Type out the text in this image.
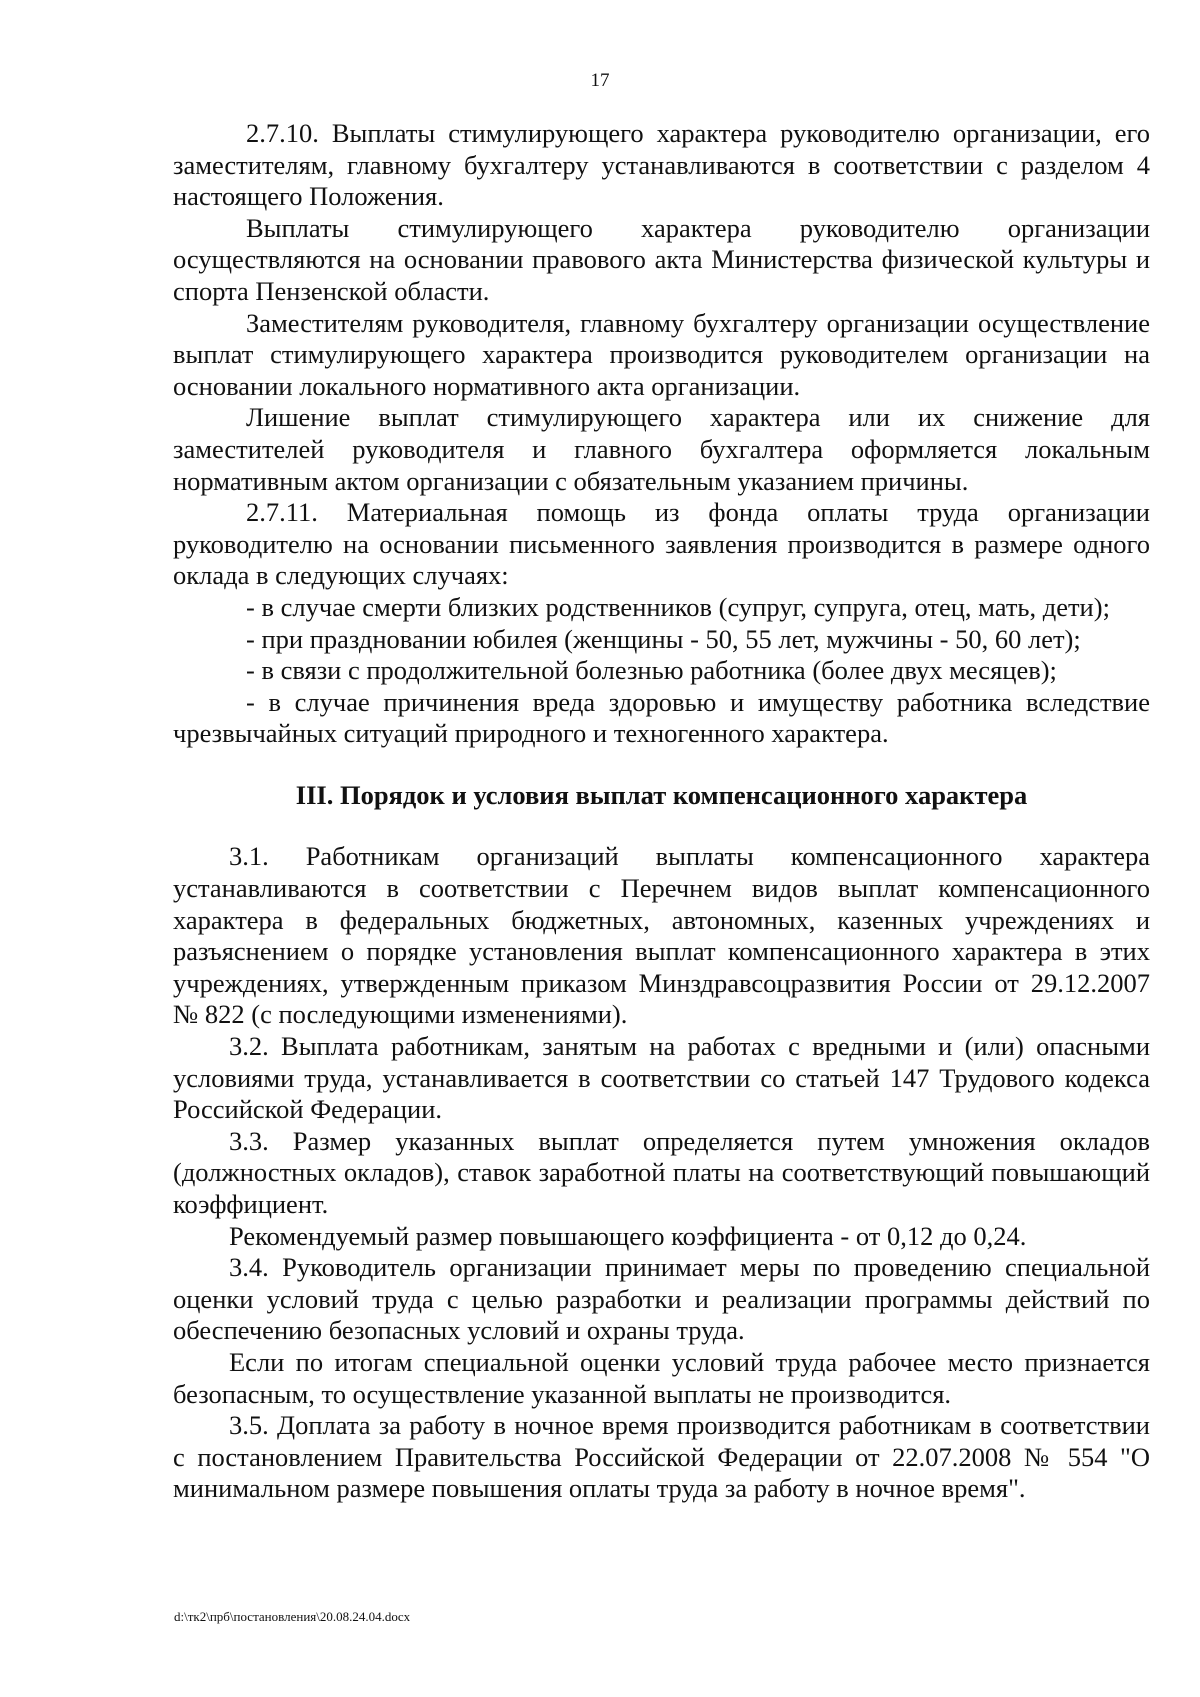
17

2.7.10. Выплаты стимулирующего характера руководителю организации, его заместителям, главному бухгалтеру устанавливаются в соответствии с разделом 4 настоящего Положения.

Выплаты стимулирующего характера руководителю организации осуществляются на основании правового акта Министерства физической культуры и спорта Пензенской области.

Заместителям руководителя, главному бухгалтеру организации осуществление выплат стимулирующего характера производится руководителем организации на основании локального нормативного акта организации.

Лишение выплат стимулирующего характера или их снижение для заместителей руководителя и главного бухгалтера оформляется локальным нормативным актом организации с обязательным указанием причины.

2.7.11. Материальная помощь из фонда оплаты труда организации руководителю на основании письменного заявления производится в размере одного оклада в следующих случаях:

- в случае смерти близких родственников (супруг, супруга, отец, мать, дети);

- при праздновании юбилея (женщины - 50, 55 лет, мужчины - 50, 60 лет);

- в связи с продолжительной болезнью работника (более двух месяцев);

- в случае причинения вреда здоровью и имуществу работника вследствие чрезвычайных ситуаций природного и техногенного характера.

III. Порядок и условия выплат компенсационного характера

3.1. Работникам организаций выплаты компенсационного характера устанавливаются в соответствии с Перечнем видов выплат компенсационного характера в федеральных бюджетных, автономных, казенных учреждениях и разъяснением о порядке установления выплат компенсационного характера в этих учреждениях, утвержденным приказом Минздравсоцразвития России от 29.12.2007 № 822 (с последующими изменениями).

3.2. Выплата работникам, занятым на работах с вредными и (или) опасными условиями труда, устанавливается в соответствии со статьей 147 Трудового кодекса Российской Федерации.

3.3. Размер указанных выплат определяется путем умножения окладов (должностных окладов), ставок заработной платы на соответствующий повышающий коэффициент.

Рекомендуемый размер повышающего коэффициента - от 0,12 до 0,24.

3.4. Руководитель организации принимает меры по проведению специальной оценки условий труда с целью разработки и реализации программы действий по обеспечению безопасных условий и охраны труда.

Если по итогам специальной оценки условий труда рабочее место признается безопасным, то осуществление указанной выплаты не производится.

3.5. Доплата за работу в ночное время производится работникам в соответствии с постановлением Правительства Российской Федерации от 22.07.2008 № 554 "О минимальном размере повышения оплаты труда за работу в ночное время".

d:\тк2\прб\постановления\20.08.24.04.docx
